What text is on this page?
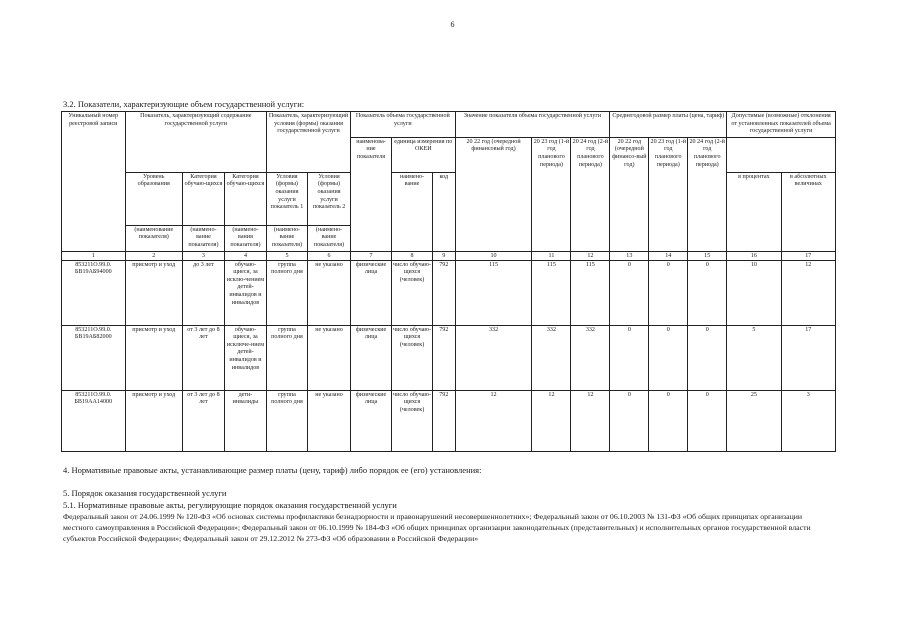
6
3.2. Показатели, характеризующие объем государственной услуги:
Уникальный номер реестровой записи	Показатель, характеризующий содержание государственной услуги			Показатель, характеризующий условия (формы) оказания государственной услуги		Показатель объема государственной услуги			Значение показателя объема государственной услуги			Среднегодовой размер платы (цена, тариф)			Допустимые (возможные) отклонения от установленных показателей объема государственной услуги	
						наименова-ние показателя	единица измерения по ОКЕИ		20 22 год (очередной финансовый год)	20 23 год (1-й год планового периода)	20 24 год (2-й год планового периода)	20 22 год (очередной финансо-вый год)	20 23 год (1-й год планового периода)	20 24 год (2-й год планового периода)		
	Уровень образования	Категория обучаю-щихся	Категория обучаю-щихся	Условия (формы) оказания услуги показатель 1	Условия (формы) оказания услуги показатель 2		наимено-вание	код							в процентах	в абсолютных величинах
	(наименование показателя)	(наимено-вание показателя)	(наимено-вания показателя)	(наимено-вание показателя)	(наимено-вание показателя)											
1	2	3	4	5	6	7	8	9	10	11	12	13	14	15	16	17
853211О.99.0. БВ19АБ94000	присмотр и уход	до 3 лет	обучаю-щиеся, за исклю-чением детей-инвалидов и инвалидов	группа полного дня	не указано	физические лица	число обучаю-щихся (человек)	792	115	115	115	0	0	0	10	12
853211О.99.0. БВ19АБ82000	присмотр и уход	от 3 лет до 8 лет	обучаю-щиеся, за исключе-нием детей-инвалидов и инвалидов	группа полного дня	не указано	физические лица	число обучаю-щихся (человек)	792	332	332	332	0	0	0	5	17
853211О.99.0. БВ19АА14000	присмотр и уход	от 3 лет до 8 лет	дети-инвалиды	группа полного дня	не указано	физические лица	число обучаю-щихся (человек)	792	12	12	12	0	0	0	25	3
4. Нормативные правовые акты, устанавливающие размер платы (цену, тариф) либо порядок ее (его) установления:
5. Порядок оказания государственной услуги
5.1. Нормативные правовые акты, регулирующие порядок оказания государственной услуги
Федеральный закон от 24.06.1999 № 120-ФЗ «Об основах системы профилактики безнадзорности и правонарушений несовершеннолетних»; Федеральный закон от 06.10.2003 № 131-ФЗ «Об общих принципах организации местного самоуправления в Российской Федерации»; Федеральный закон от 06.10.1999 № 184-ФЗ «Об общих принципах организации законодательных (представительных) и исполнительных органов государственной власти субъектов Российской Федерации»; Федеральный закон от 29.12.2012 № 273-ФЗ «Об образовании в Российской Федерации»
